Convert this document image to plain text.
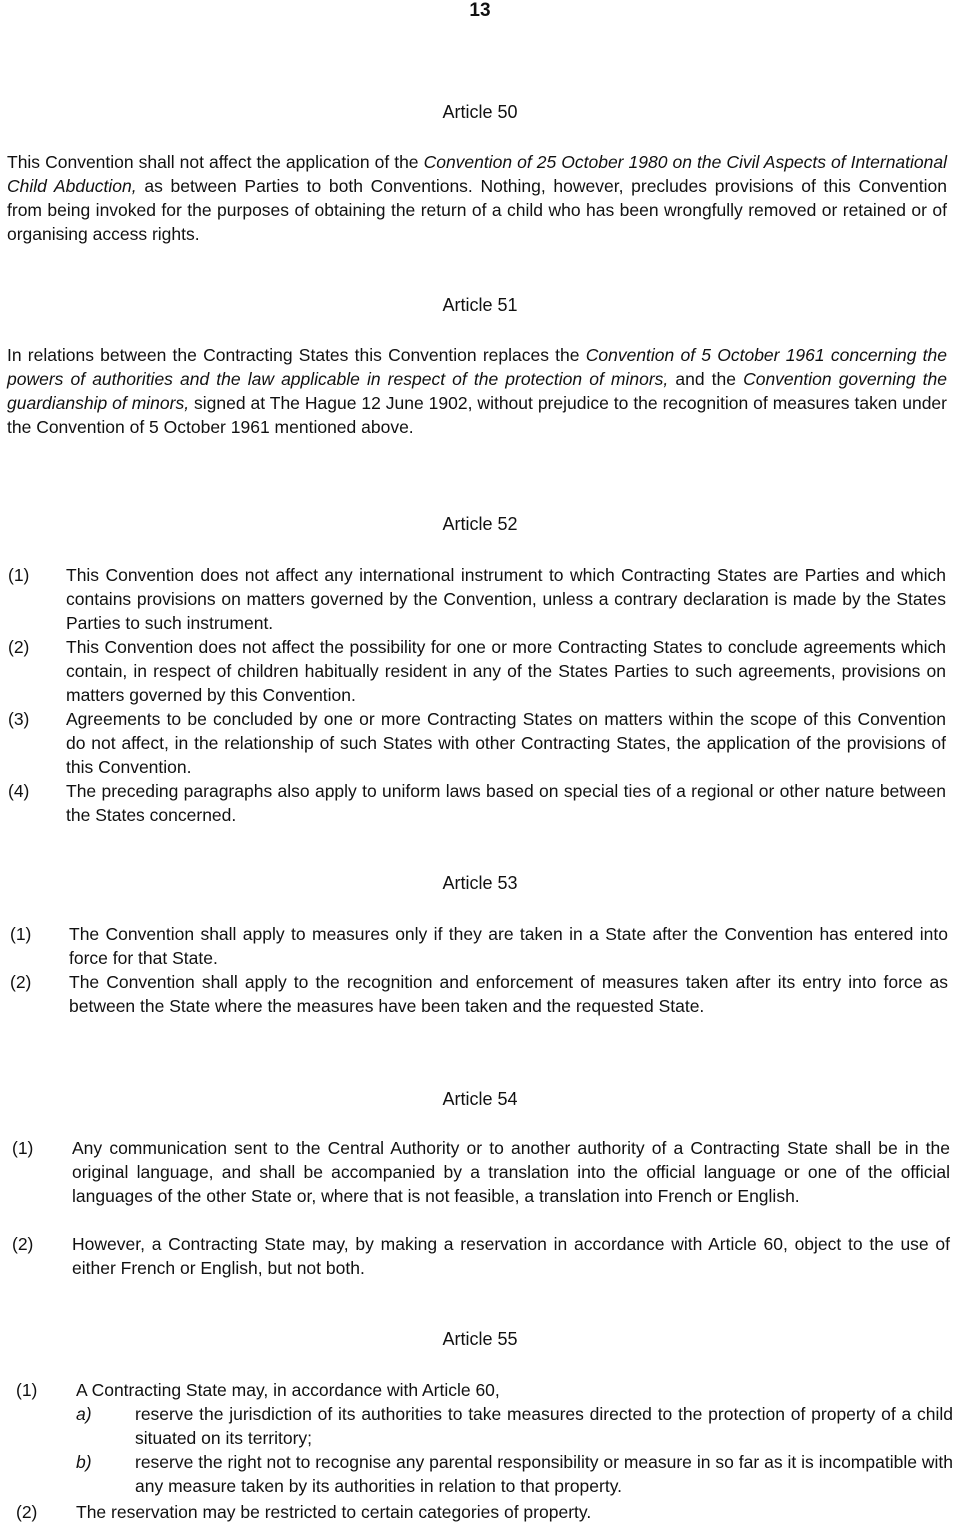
13
Article 50
This Convention shall not affect the application of the Convention of 25 October 1980 on the Civil Aspects of International Child Abduction, as between Parties to both Conventions. Nothing, however, precludes provisions of this Convention from being invoked for the purposes of obtaining the return of a child who has been wrongfully removed or retained or of organising access rights.
Article 51
In relations between the Contracting States this Convention replaces the Convention of 5 October 1961 concerning the powers of authorities and the law applicable in respect of the protection of minors, and the Convention governing the guardianship of minors, signed at The Hague 12 June 1902, without prejudice to the recognition of measures taken under the Convention of 5 October 1961 mentioned above.
Article 52
(1) This Convention does not affect any international instrument to which Contracting States are Parties and which contains provisions on matters governed by the Convention, unless a contrary declaration is made by the States Parties to such instrument.
(2) This Convention does not affect the possibility for one or more Contracting States to conclude agreements which contain, in respect of children habitually resident in any of the States Parties to such agreements, provisions on matters governed by this Convention.
(3) Agreements to be concluded by one or more Contracting States on matters within the scope of this Convention do not affect, in the relationship of such States with other Contracting States, the application of the provisions of this Convention.
(4) The preceding paragraphs also apply to uniform laws based on special ties of a regional or other nature between the States concerned.
Article 53
(1) The Convention shall apply to measures only if they are taken in a State after the Convention has entered into force for that State.
(2) The Convention shall apply to the recognition and enforcement of measures taken after its entry into force as between the State where the measures have been taken and the requested State.
Article 54
(1) Any communication sent to the Central Authority or to another authority of a Contracting State shall be in the original language, and shall be accompanied by a translation into the official language or one of the official languages of the other State or, where that is not feasible, a translation into French or English.
(2) However, a Contracting State may, by making a reservation in accordance with Article 60, object to the use of either French or English, but not both.
Article 55
(1) A Contracting State may, in accordance with Article 60,
a) reserve the jurisdiction of its authorities to take measures directed to the protection of property of a child situated on its territory;
b) reserve the right not to recognise any parental responsibility or measure in so far as it is incompatible with any measure taken by its authorities in relation to that property.
(2) The reservation may be restricted to certain categories of property.
